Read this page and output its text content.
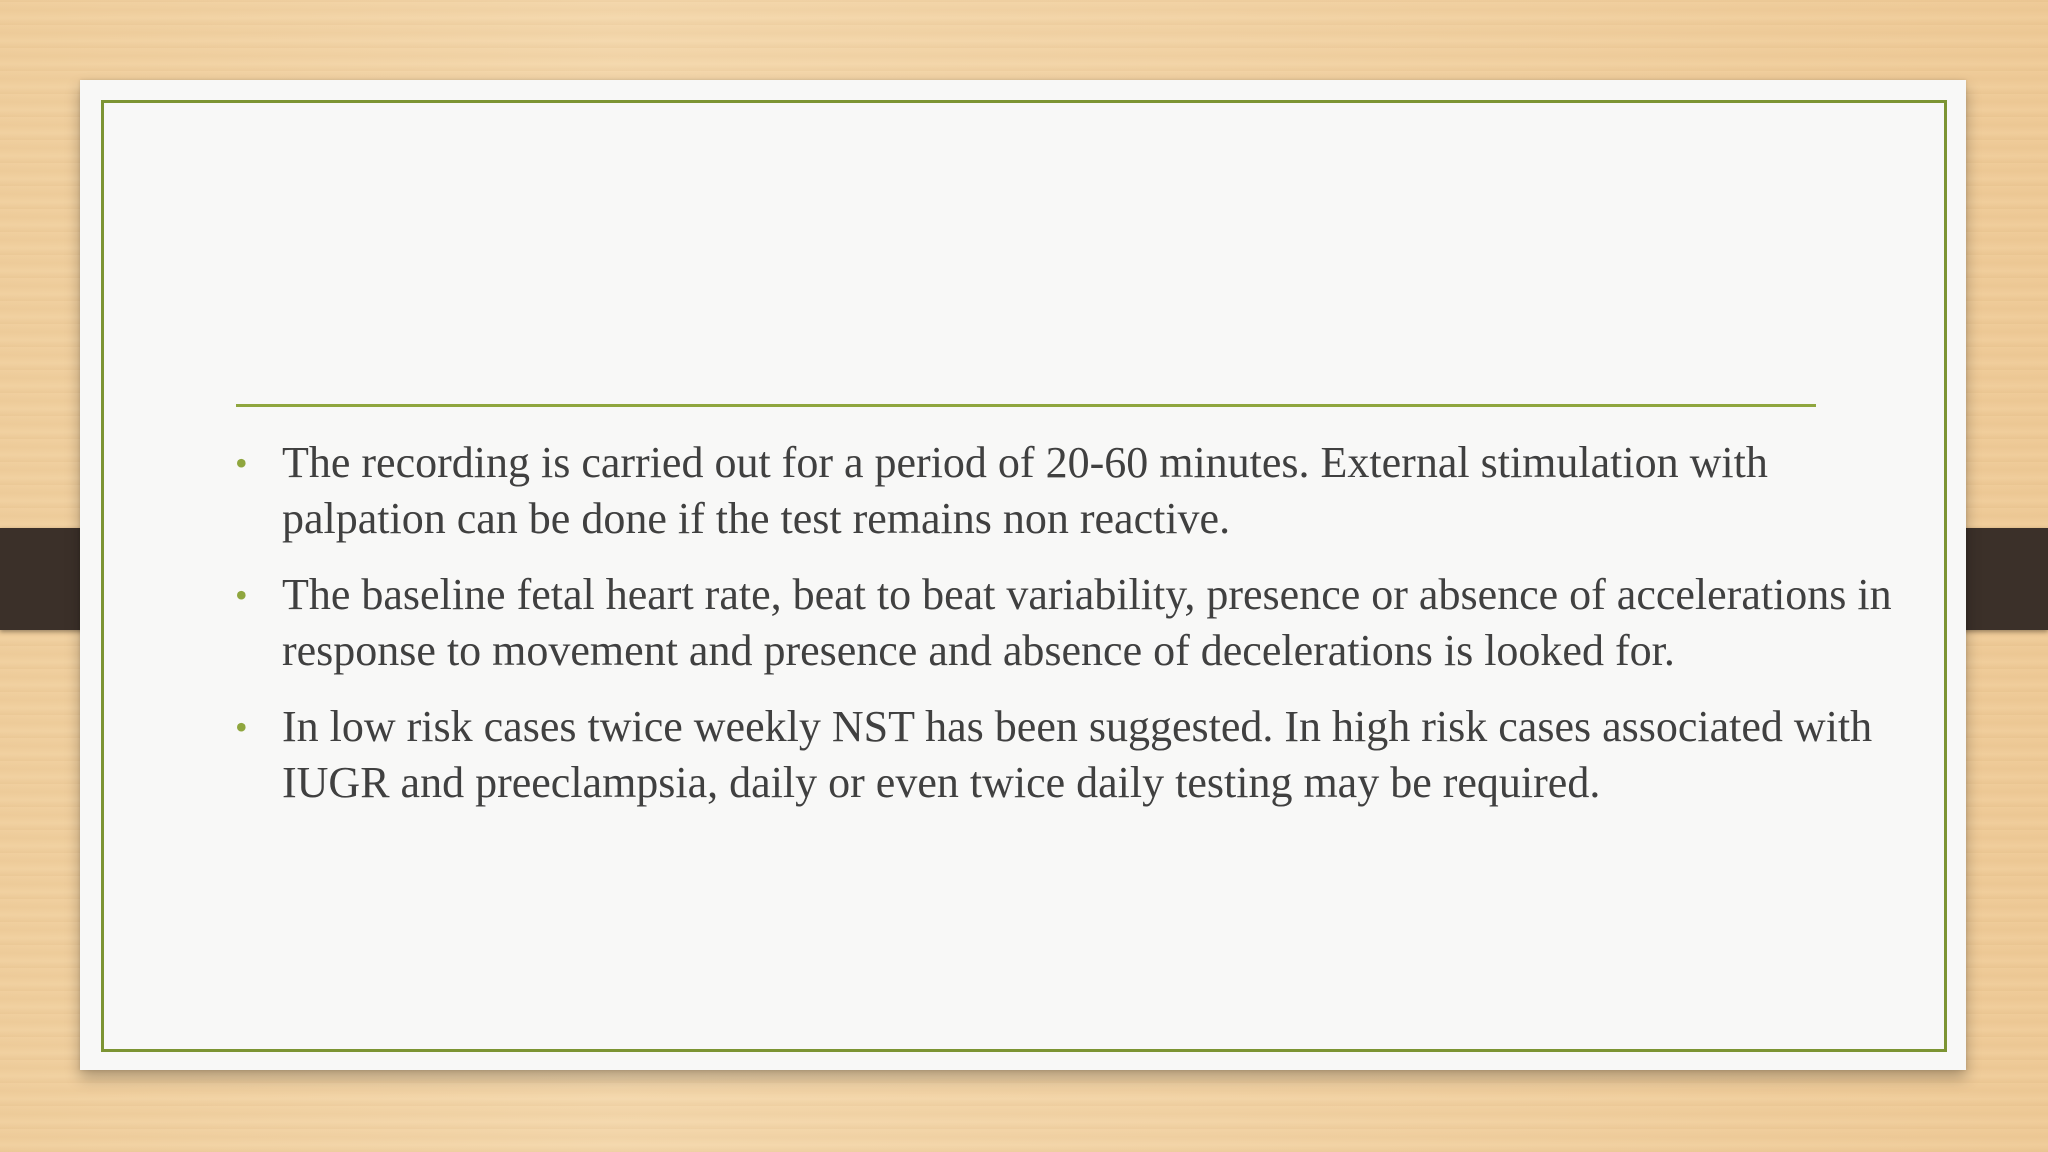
• The recording is carried out for a period of 20-60 minutes. External stimulation with palpation can be done if the test remains non reactive.
• The baseline fetal heart rate, beat to beat variability, presence or absence of accelerations in response to movement and presence and absence of decelerations is looked for.
• In low risk cases twice weekly NST has been suggested. In high risk cases associated with IUGR and preeclampsia, daily or even twice daily testing may be required.
